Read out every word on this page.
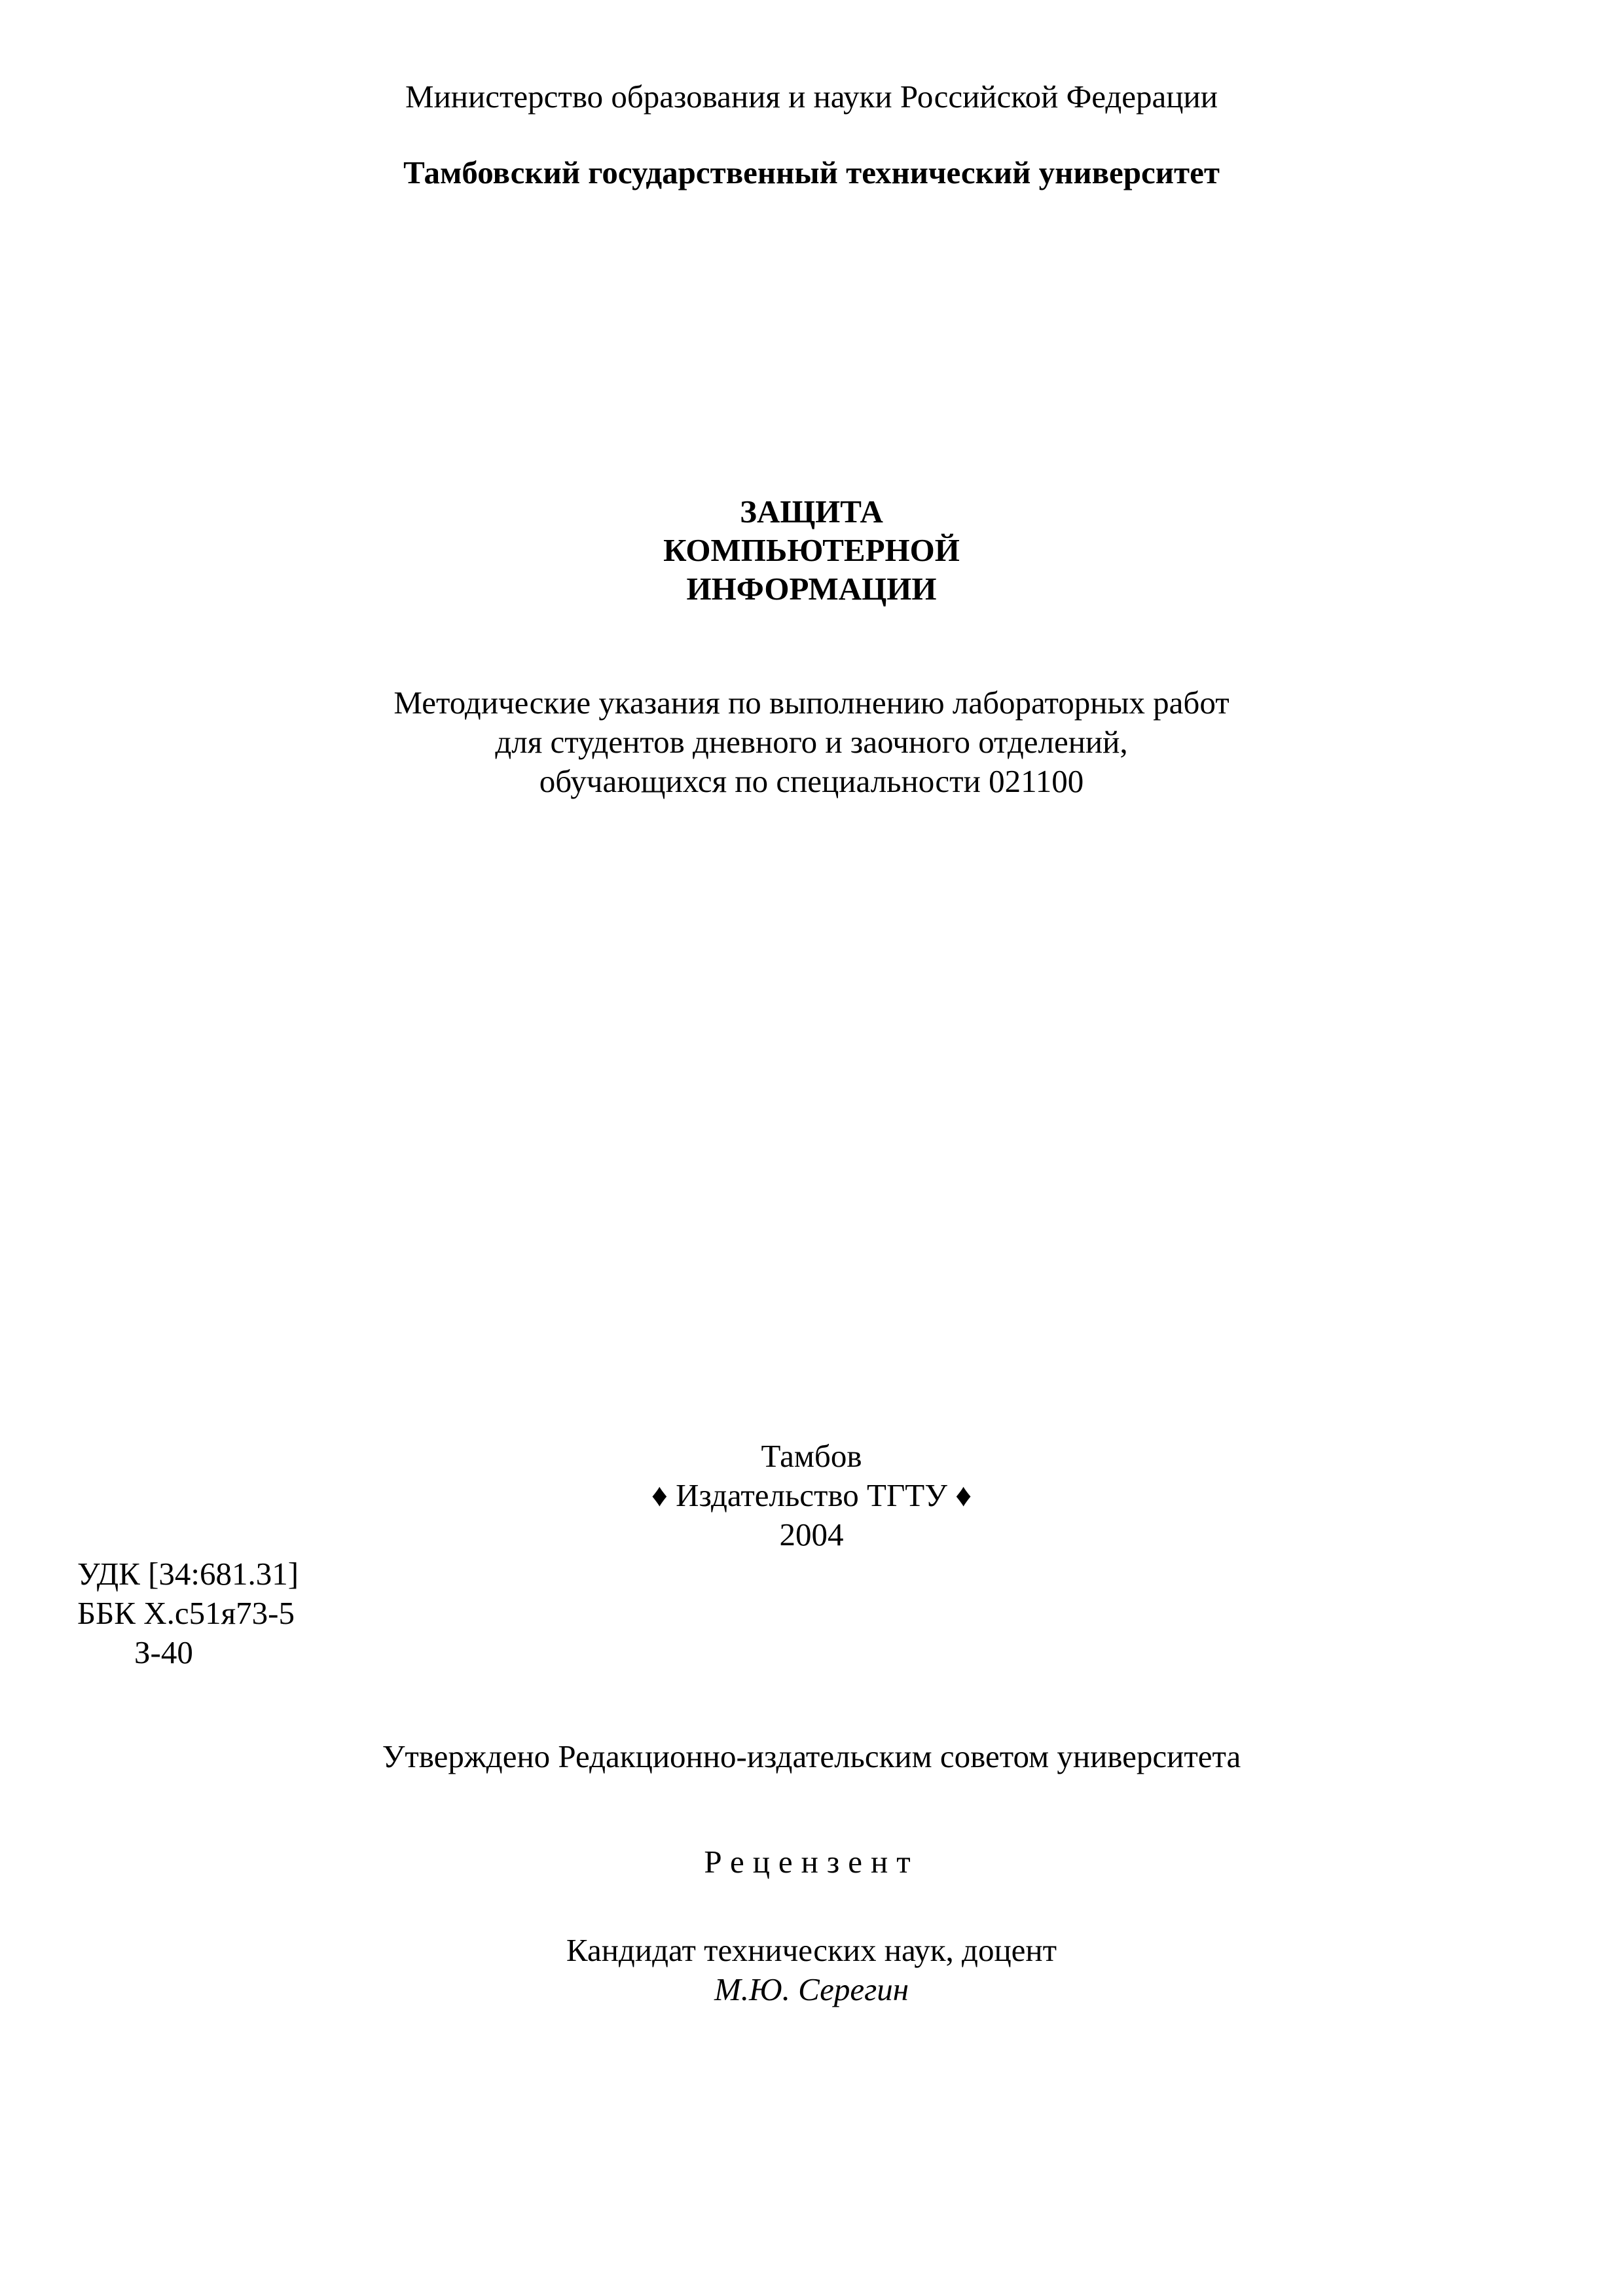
Министерство образования и науки Российской Федерации
Тамбовский государственный технический университет
ЗАЩИТА
КОМПЬЮТЕРНОЙ
ИНФОРМАЦИИ
Методические указания по выполнению лабораторных работ
для студентов дневного и заочного отделений,
обучающихся по специальности 021100
Тамбов
♦ Издательство ТГТУ ♦
2004
УДК [34:681.31]
ББК Х.с51я73-5
З-40
Утверждено Редакционно-издательским советом университета
Рецензент
Кандидат технических наук, доцент
М.Ю. Серегин
